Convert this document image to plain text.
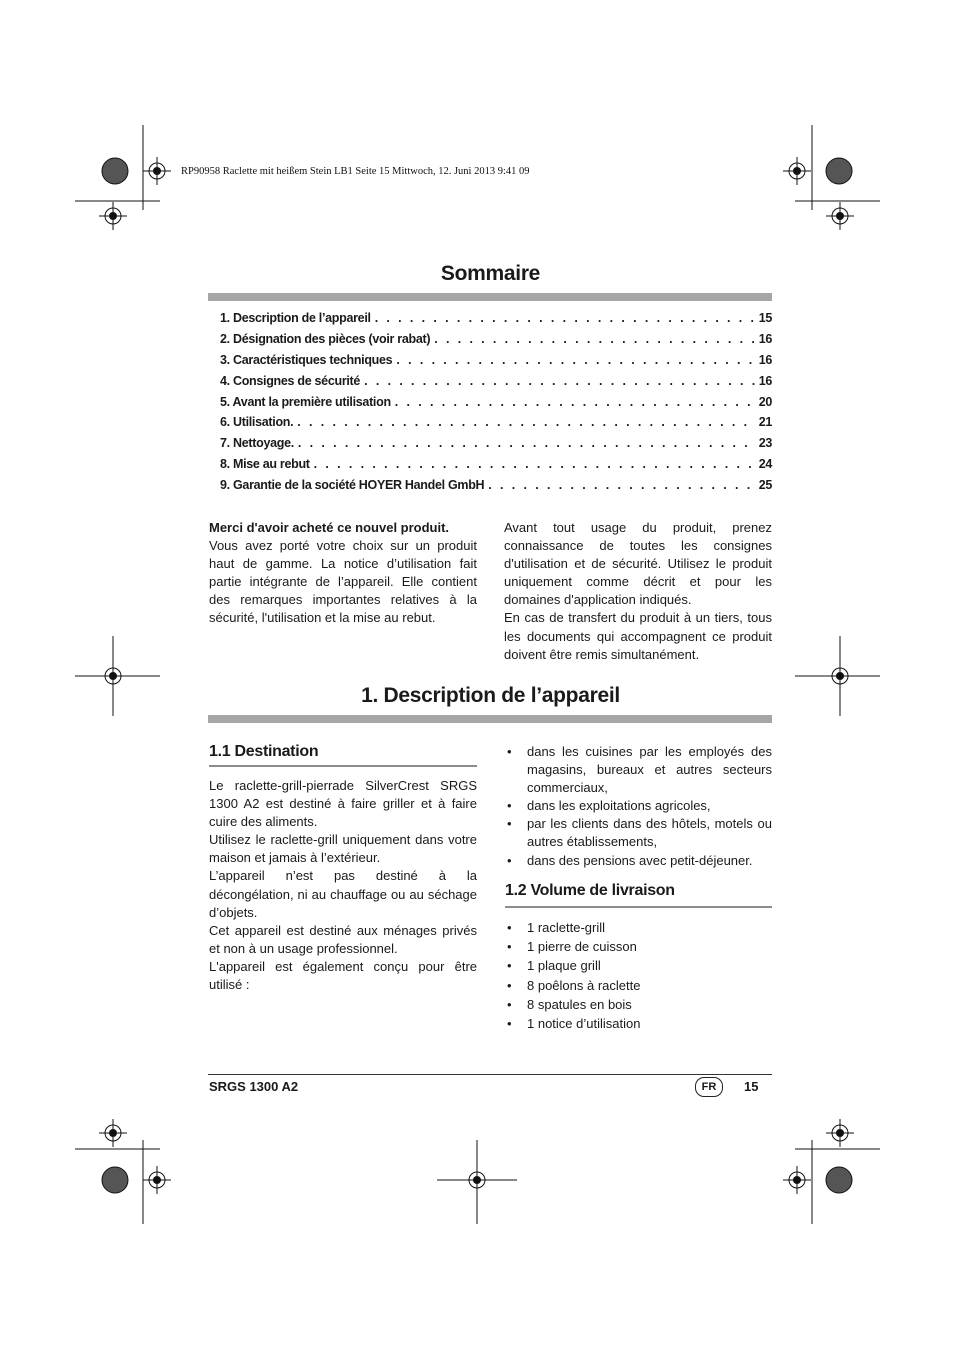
RP90958 Raclette mit heißem Stein LB1 Seite 15 Mittwoch, 12. Juni 2013 9:41 09
Sommaire
1. Description de l’appareil . . .	15
2. Désignation des pièces (voir rabat) . . .	16
3. Caractéristiques techniques . . .	16
4. Consignes de sécurité . . .	16
5. Avant la première utilisation . . .	20
6. Utilisation. . . .	21
7. Nettoyage. . . .	23
8. Mise au rebut . . .	24
9. Garantie de la société HOYER Handel GmbH . . .	25

Merci d'avoir acheté ce nouvel produit.

Vous avez porté votre choix sur un produit haut de gamme. La notice d’utilisation fait partie intégrante de l’appareil. Elle contient des remarques importantes relatives à la sécurité, l'utilisation et la mise au rebut.

Avant tout usage du produit, prenez connaissance de toutes les consignes d'utilisation et de sécurité. Utilisez le produit uniquement comme décrit et pour les domaines d'application indiqués.

En cas de transfert du produit à un tiers, tous les documents qui accompagnent ce produit doivent être remis simultanément.

1. Description de l’appareil
1.1 Destination

Le raclette-grill-pierrade SilverCrest SRGS 1300 A2 est destiné à faire griller et à faire cuire des aliments.

Utilisez le raclette-grill uniquement dans votre maison et jamais à l’extérieur.

L’appareil n’est pas destiné à la décongélation, ni au chauffage ou au séchage d’objets.

Cet appareil est destiné aux ménages privés et non à un usage professionnel.

L'appareil est également conçu pour être utilisé :

• dans les cuisines par les employés des magasins, bureaux et autres secteurs commerciaux,
• dans les exploitations agricoles,
• par les clients dans des hôtels, motels ou autres établissements,
• dans des pensions avec petit-déjeuner.
1.2 Volume de livraison
• 1 raclette-grill
• 1 pierre de cuisson
• 1 plaque grill
• 8 poêlons à raclette
• 8 spatules en bois
• 1 notice d’utilisation
SRGS 1300 A2	FR	15
